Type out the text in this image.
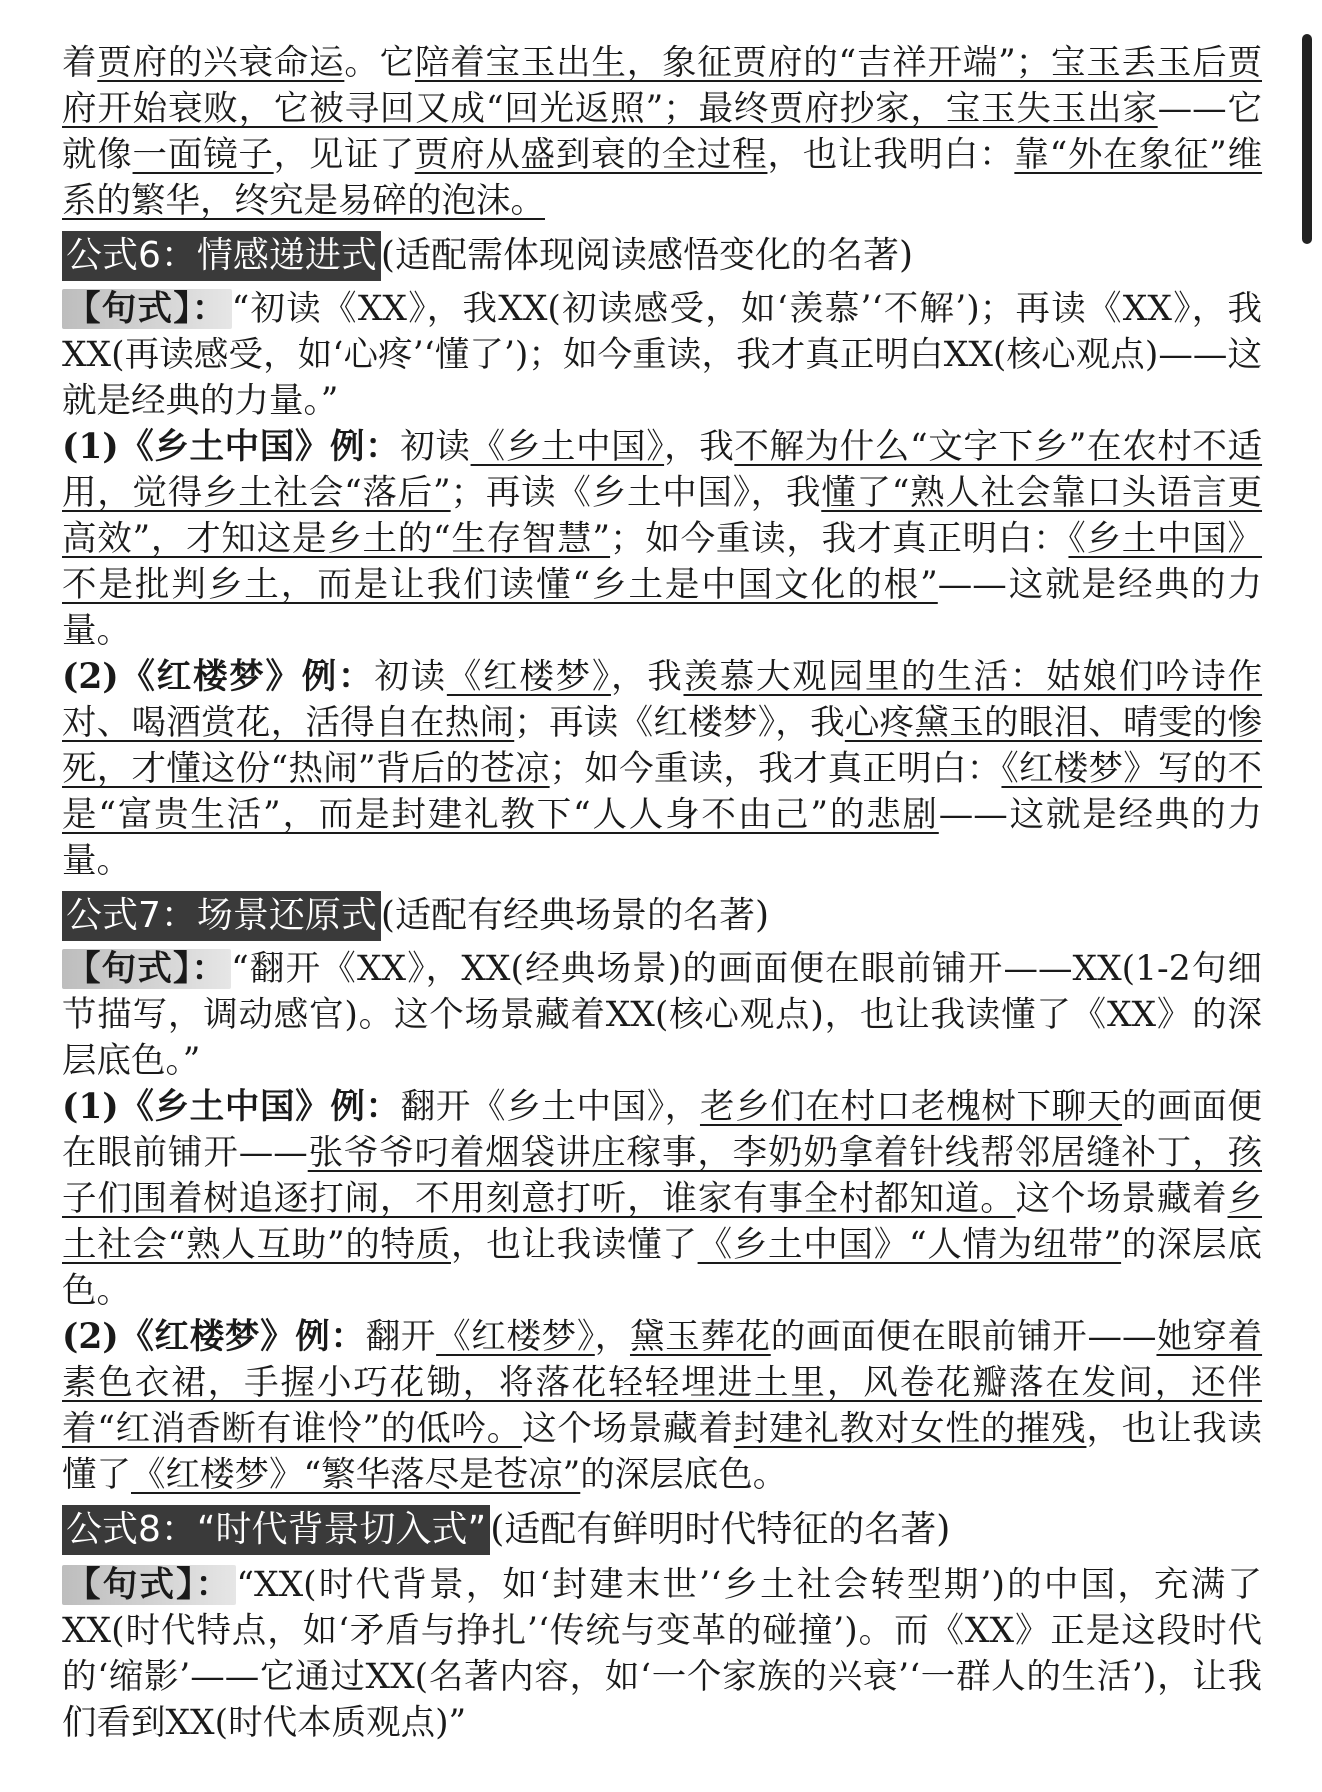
着贾府的兴衰命运。它陪着宝玉出生，象征贾府的“吉祥开端”；宝玉丢玉后贾府开始衰败，它被寻回又成“回光返照”；最终贾府抄家，宝玉失玉出家——它就像一面镜子，见证了贾府从盛到衰的全过程，也让我明白：靠“外在象征”维系的繁华，终究是易碎的泡沫。

公式6：情感递进式 (适配需体现阅读感悟变化的名著)

【句式】： “初读《XX》，我XX(初读感受，如‘羡慕’‘不解’)；再读《XX》，我XX(再读感受，如‘心疼’‘懂了’)；如今重读，我才真正明白XX(核心观点)——这就是经典的力量。”

(1)《乡土中国》例：初读《乡土中国》，我不解为什么“文字下乡”在农村不适用，觉得乡土社会“落后”；再读《乡土中国》，我懂了“熟人社会靠口头语言更高效”，才知这是乡土的“生存智慧”；如今重读，我才真正明白：《乡土中国》不是批判乡土，而是让我们读懂“乡土是中国文化的根”——这就是经典的力量。

(2)《红楼梦》例：初读《红楼梦》，我羡慕大观园里的生活：姑娘们吟诗作对、喝酒赏花，活得自在热闹；再读《红楼梦》，我心疼黛玉的眼泪、晴雯的惨死，才懂这份“热闹”背后的苍凉；如今重读，我才真正明白：《红楼梦》写的不是“富贵生活”，而是封建礼教下“人人身不由己”的悲剧——这就是经典的力量。

公式7：场景还原式 (适配有经典场景的名著)

【句式】： “翻开《XX》，XX(经典场景)的画面便在眼前铺开——XX(1-2句细节描写，调动感官)。这个场景藏着XX(核心观点)，也让我读懂了《XX》的深层底色。”

(1)《乡土中国》例：翻开《乡土中国》，老乡们在村口老槐树下聊天的画面便在眼前铺开——张爷爷叼着烟袋讲庄稼事，李奶奶拿着针线帮邻居缝补丁，孩子们围着树追逐打闹，不用刻意打听，谁家有事全村都知道。这个场景藏着乡土社会“熟人互助”的特质，也让我读懂了《乡土中国》“人情为纽带”的深层底色。

(2)《红楼梦》例：翻开《红楼梦》，黛玉葬花的画面便在眼前铺开——她穿着素色衣裙，手握小巧花锄，将落花轻轻埋进土里，风卷花瓣落在发间，还伴着“红消香断有谁怜”的低吟。这个场景藏着封建礼教对女性的摧残，也让我读懂了《红楼梦》“繁华落尽是苍凉”的深层底色。

公式8：“时代背景切入式” (适配有鲜明时代特征的名著)

【句式】： “XX(时代背景，如‘封建末世’‘乡土社会转型期’)的中国，充满了XX(时代特点，如‘矛盾与挣扎’‘传统与变革的碰撞’)。而《XX》正是这段时代的‘缩影’——它通过XX(名著内容，如‘一个家族的兴衰’‘一群人的生活’)，让我们看到XX(时代本质观点)”
